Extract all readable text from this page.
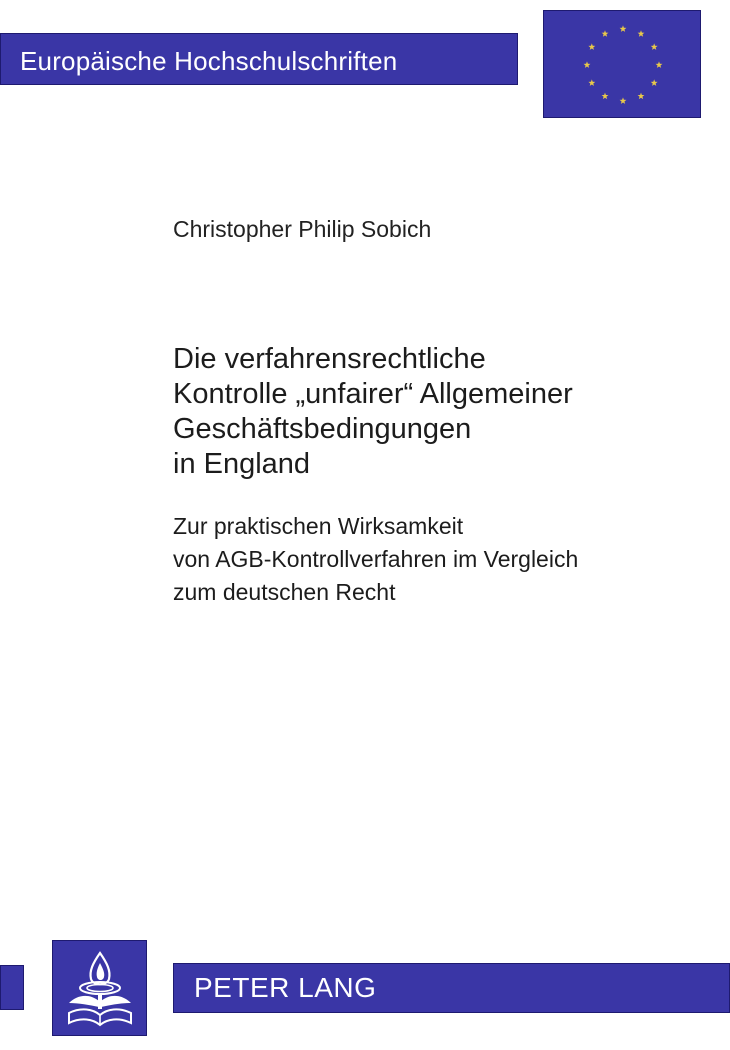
Europäische Hochschulschriften
Christopher Philip Sobich
Die verfahrensrechtliche
Kontrolle „unfairer“ Allgemeiner
Geschäftsbedingungen
in England
Zur praktischen Wirksamkeit
von AGB-Kontrollverfahren im Vergleich
zum deutschen Recht
PETER LANG
